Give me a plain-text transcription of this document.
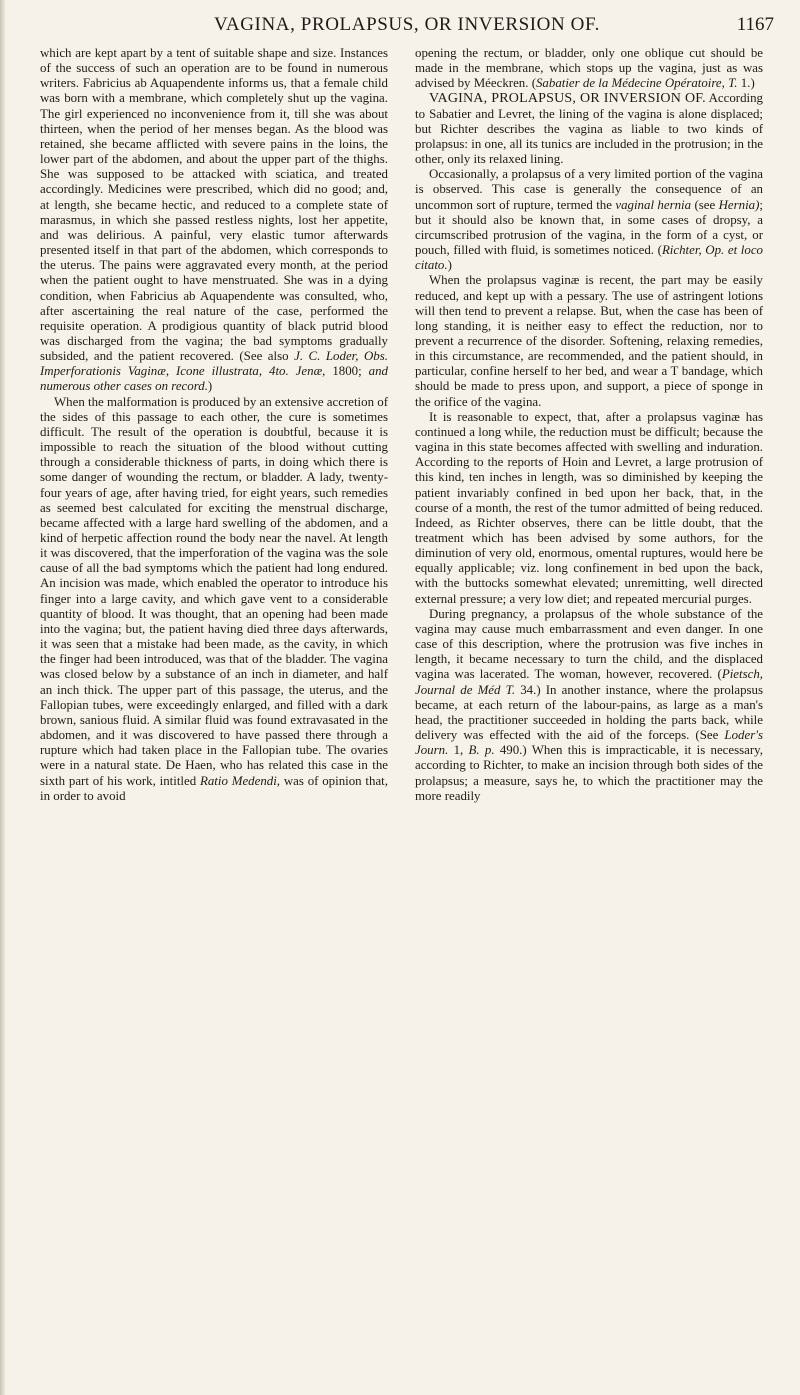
VAGINA, PROLAPSUS, OR INVERSION OF.	1167

which are kept apart by a tent of suitable shape and size. Instances of the success of such an operation are to be found in numerous writers. Fabricius ab Aquapendente informs us, that a female child was born with a membrane, which completely shut up the vagina. The girl experienced no inconvenience from it, till she was about thirteen, when the period of her menses began. As the blood was retained, she became afflicted with severe pains in the loins, the lower part of the abdomen, and about the upper part of the thighs. She was supposed to be attacked with sciatica, and treated accordingly. Medicines were prescribed, which did no good; and, at length, she became hectic, and reduced to a complete state of marasmus, in which she passed restless nights, lost her appetite, and was delirious. A painful, very elastic tumor afterwards presented itself in that part of the abdomen, which corresponds to the uterus. The pains were aggravated every month, at the period when the patient ought to have menstruated. She was in a dying condition, when Fabricius ab Aquapendente was consulted, who, after ascertaining the real nature of the case, performed the requisite operation. A prodigious quantity of black putrid blood was discharged from the vagina; the bad symptoms gradually subsided, and the patient recovered. (See also J. C. Loder, Obs. Imperforationis Vaginæ, Icone illustrata, 4to. Jenæ, 1800; and numerous other cases on record.)

When the malformation is produced by an extensive accretion of the sides of this passage to each other, the cure is sometimes difficult. The result of the operation is doubtful, because it is impossible to reach the situation of the blood without cutting through a considerable thickness of parts, in doing which there is some danger of wounding the rectum, or bladder. A lady, twenty-four years of age, after having tried, for eight years, such remedies as seemed best calculated for exciting the menstrual discharge, became affected with a large hard swelling of the abdomen, and a kind of herpetic affection round the body near the navel. At length it was discovered, that the imperforation of the vagina was the sole cause of all the bad symptoms which the patient had long endured. An incision was made, which enabled the operator to introduce his finger into a large cavity, and which gave vent to a considerable quantity of blood. It was thought, that an opening had been made into the vagina; but, the patient having died three days afterwards, it was seen that a mistake had been made, as the cavity, in which the finger had been introduced, was that of the bladder. The vagina was closed below by a substance of an inch in diameter, and half an inch thick. The upper part of this passage, the uterus, and the Fallopian tubes, were exceedingly enlarged, and filled with a dark brown, sanious fluid. A similar fluid was found extravasated in the abdomen, and it was discovered to have passed there through a rupture which had taken place in the Fallopian tube. The ovaries were in a natural state. De Haen, who has related this case in the sixth part of his work, intitled Ratio Medendi, was of opinion that, in order to avoid

opening the rectum, or bladder, only one oblique cut should be made in the membrane, which stops up the vagina, just as was advised by Méeckren. (Sabatier de la Médecine Opératoire, T. 1.)

VAGINA, PROLAPSUS, OR INVERSION OF. According to Sabatier and Levret, the lining of the vagina is alone displaced; but Richter describes the vagina as liable to two kinds of prolapsus: in one, all its tunics are included in the protrusion; in the other, only its relaxed lining.

Occasionally, a prolapsus of a very limited portion of the vagina is observed. This case is generally the consequence of an uncommon sort of rupture, termed the vaginal hernia (see Hernia); but it should also be known that, in some cases of dropsy, a circumscribed protrusion of the vagina, in the form of a cyst, or pouch, filled with fluid, is sometimes noticed. (Richter, Op. et loco citato.)

When the prolapsus vaginæ is recent, the part may be easily reduced, and kept up with a pessary. The use of astringent lotions will then tend to prevent a relapse. But, when the case has been of long standing, it is neither easy to effect the reduction, nor to prevent a recurrence of the disorder. Softening, relaxing remedies, in this circumstance, are recommended, and the patient should, in particular, confine herself to her bed, and wear a T bandage, which should be made to press upon, and support, a piece of sponge in the orifice of the vagina.

It is reasonable to expect, that, after a prolapsus vaginæ has continued a long while, the reduction must be difficult; because the vagina in this state becomes affected with swelling and induration. According to the reports of Hoin and Levret, a large protrusion of this kind, ten inches in length, was so diminished by keeping the patient invariably confined in bed upon her back, that, in the course of a month, the rest of the tumor admitted of being reduced. Indeed, as Richter observes, there can be little doubt, that the treatment which has been advised by some authors, for the diminution of very old, enormous, omental ruptures, would here be equally applicable; viz. long confinement in bed upon the back, with the buttocks somewhat elevated; unremitting, well directed external pressure; a very low diet; and repeated mercurial purges.

During pregnancy, a prolapsus of the whole substance of the vagina may cause much embarrassment and even danger. In one case of this description, where the protrusion was five inches in length, it became necessary to turn the child, and the displaced vagina was lacerated. The woman, however, recovered. (Pietsch, Journal de Méd T. 34.) In another instance, where the prolapsus became, at each return of the labour-pains, as large as a man's head, the practitioner succeeded in holding the parts back, while delivery was effected with the aid of the forceps. (See Loder's Journ. 1, B. p. 490.) When this is impracticable, it is necessary, according to Richter, to make an incision through both sides of the prolapsus; a measure, says he, to which the practitioner may the more readily
